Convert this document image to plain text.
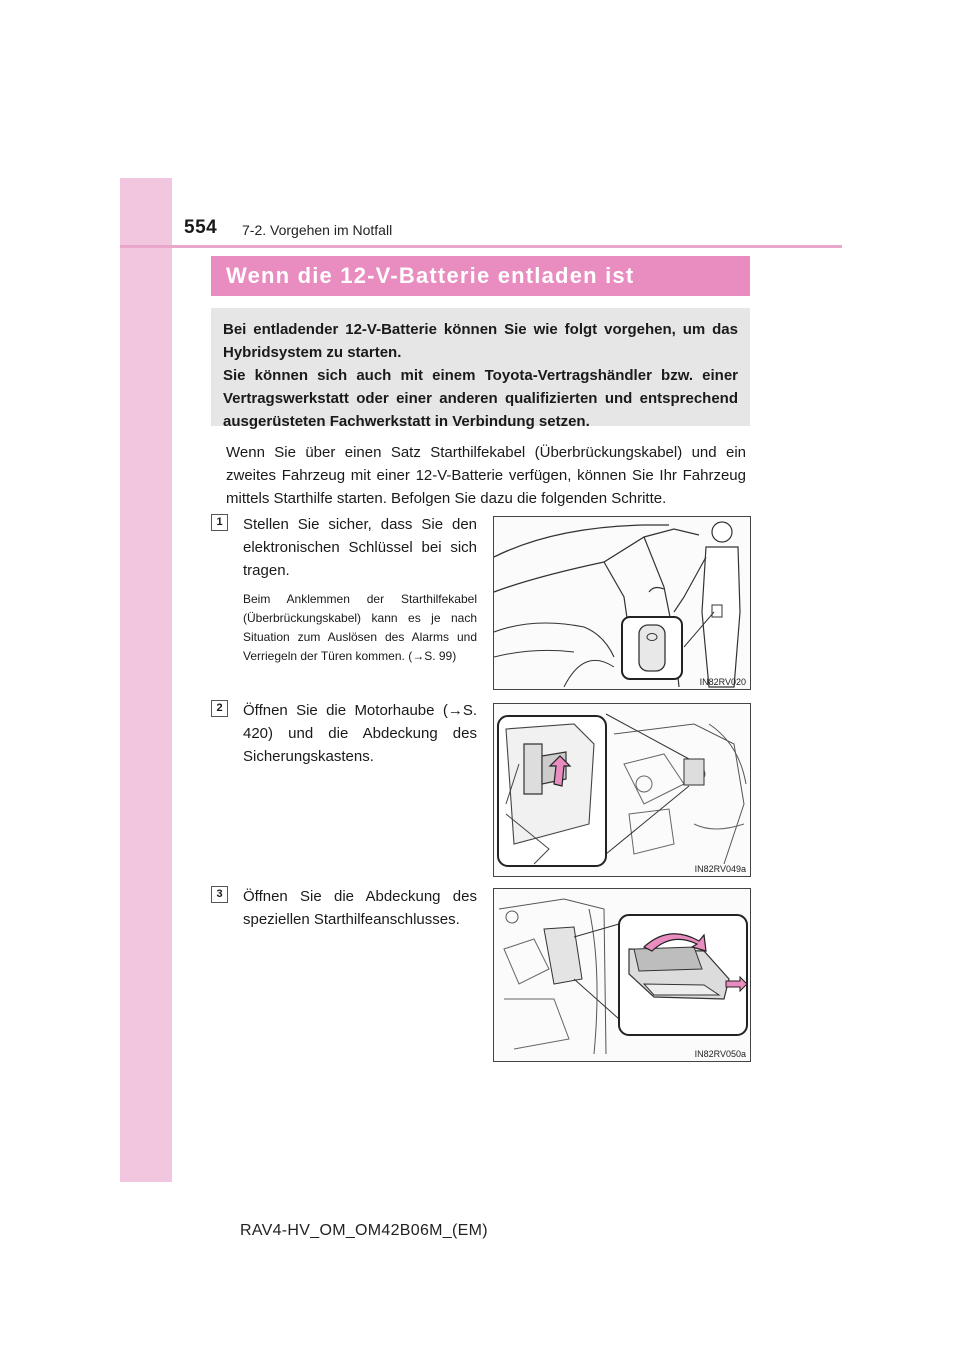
554 7-2. Vorgehen im Notfall
Wenn die 12-V-Batterie entladen ist

Bei entladender 12-V-Batterie können Sie wie folgt vorgehen, um das Hybridsystem zu starten.

Sie können sich auch mit einem Toyota-Vertragshändler bzw. einer Vertragswerkstatt oder einer anderen qualifizierten und entsprechend ausgerüsteten Fachwerkstatt in Verbindung setzen.

Wenn Sie über einen Satz Starthilfekabel (Überbrückungskabel) und ein zweites Fahrzeug mit einer 12-V-Batterie verfügen, können Sie Ihr Fahrzeug mittels Starthilfe starten. Befolgen Sie dazu die folgenden Schritte.

1	Stellen Sie sicher, dass Sie den elektronischen Schlüssel bei sich tragen.

Beim Anklemmen der Starthilfekabel (Überbrückungskabel) kann es je nach Situation zum Auslösen des Alarms und Verriegeln der Türen kommen. (→S. 99)

IN82RV020
2	Öffnen Sie die Motorhaube (→S. 420) und die Abdeckung des Sicherungskastens.

IN82RV049a
3	Öffnen Sie die Abdeckung des speziellen Starthilfeanschlusses.

IN82RV050a
RAV4-HV_OM_OM42B06M_(EM)
